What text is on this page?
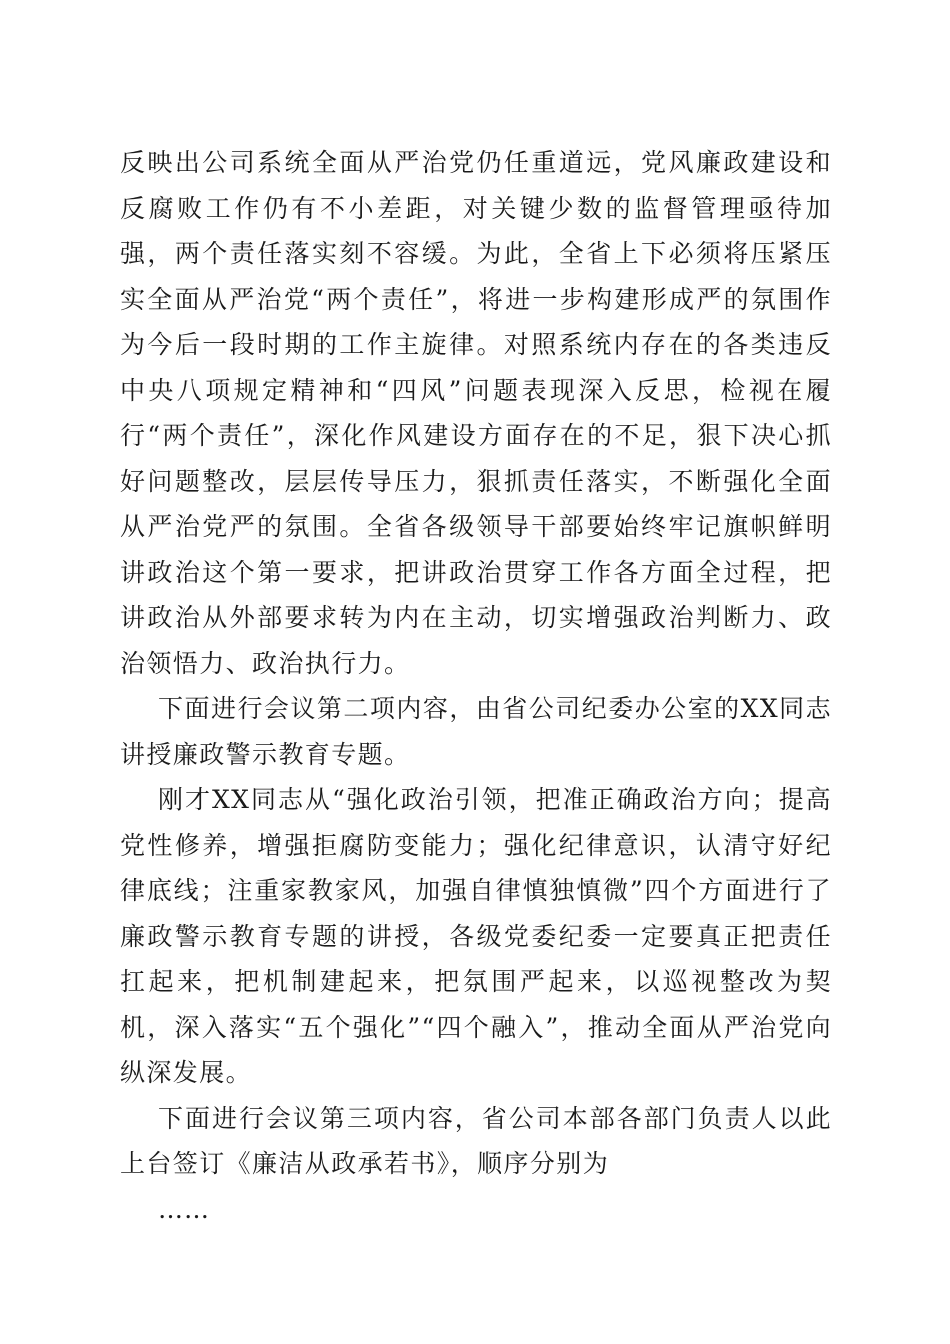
反映出公司系统全面从严治党仍任重道远，党风廉政建设和反腐败工作仍有不小差距，对关键少数的监督管理亟待加强，两个责任落实刻不容缓。为此，全省上下必须将压紧压实全面从严治党“两个责任”，将进一步构建形成严的氛围作为今后一段时期的工作主旋律。对照系统内存在的各类违反中央八项规定精神和“四风”问题表现深入反思，检视在履行“两个责任”，深化作风建设方面存在的不足，狠下决心抓好问题整改，层层传导压力，狠抓责任落实，不断强化全面从严治党严的氛围。全省各级领导干部要始终牢记旗帜鲜明讲政治这个第一要求，把讲政治贯穿工作各方面全过程，把讲政治从外部要求转为内在主动，切实增强政治判断力、政治领悟力、政治执行力。

下面进行会议第二项内容，由省公司纪委办公室的XX同志讲授廉政警示教育专题。

刚才XX同志从“强化政治引领，把准正确政治方向；提高党性修养，增强拒腐防变能力；强化纪律意识，认清守好纪律底线；注重家教家风，加强自律慎独慎微”四个方面进行了廉政警示教育专题的讲授，各级党委纪委一定要真正把责任扛起来，把机制建起来，把氛围严起来，以巡视整改为契机，深入落实“五个强化”“四个融入”，推动全面从严治党向纵深发展。

下面进行会议第三项内容，省公司本部各部门负责人以此上台签订《廉洁从政承若书》，顺序分别为

……
